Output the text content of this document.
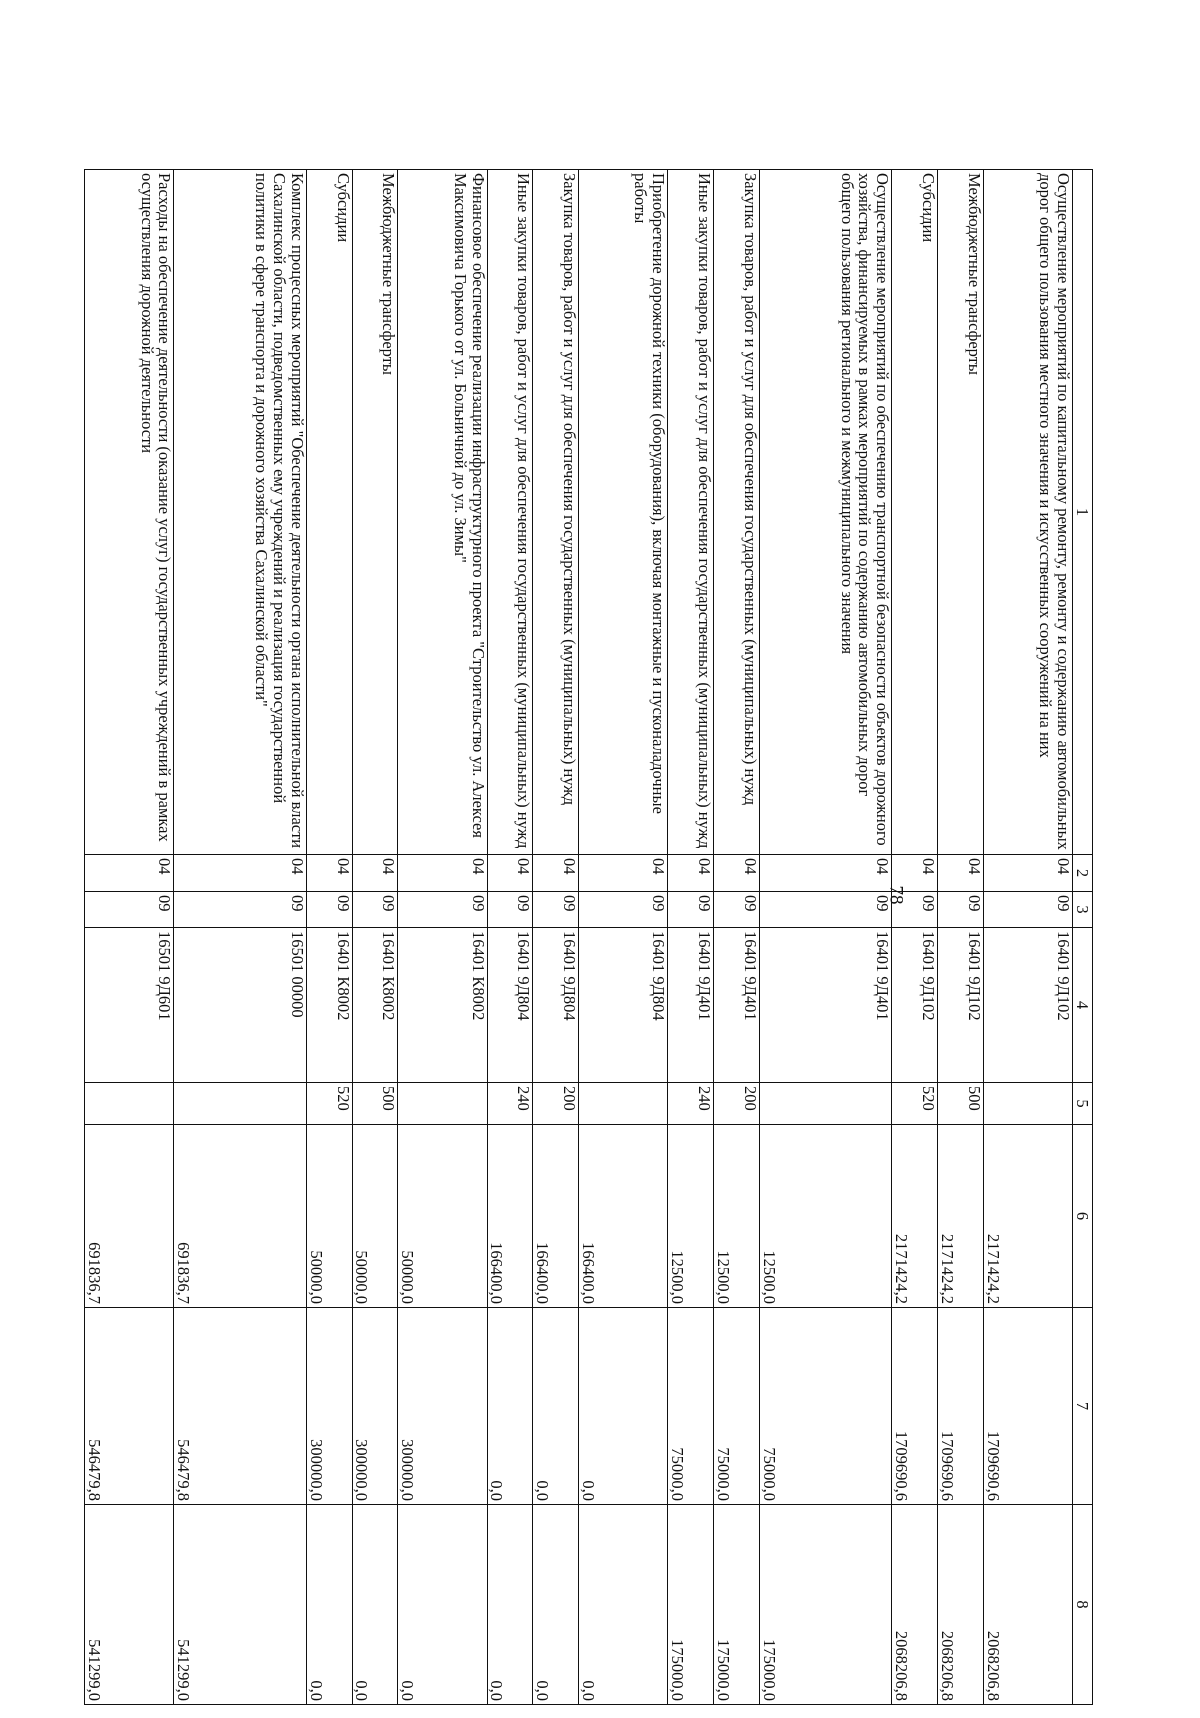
78
1	2	3	4	5	6	7	8
Осуществление мероприятий по капитальному ремонту, ремонту и содержанию автомобильных дорог общего пользования местного значения и искусственных сооружений на них	04	09	16401 9Д102		2171424,2	1709690,6	2068206,8
Межбюджетные трансферты	04	09	16401 9Д102	500	2171424,2	1709690,6	2068206,8
Субсидии	04	09	16401 9Д102	520	2171424,2	1709690,6	2068206,8
Осуществление мероприятий по обеспечению транспортной безопасности объектов дорожного хозяйства, финансируемых в рамках мероприятий по содержанию автомобильных дорог общего пользования регионального и межмуниципального значения	04	09	16401 9Д401		12500,0	75000,0	175000,0
Закупка товаров, работ и услуг для обеспечения государственных (муниципальных) нужд	04	09	16401 9Д401	200	12500,0	75000,0	175000,0
Иные закупки товаров, работ и услуг для обеспечения государственных (муниципальных) нужд	04	09	16401 9Д401	240	12500,0	75000,0	175000,0
Приобретение дорожной техники (оборудования), включая монтажные и пусконаладочные работы	04	09	16401 9Д804		166400,0	0,0	0,0
Закупка товаров, работ и услуг для обеспечения государственных (муниципальных) нужд	04	09	16401 9Д804	200	166400,0	0,0	0,0
Иные закупки товаров, работ и услуг для обеспечения государственных (муниципальных) нужд	04	09	16401 9Д804	240	166400,0	0,0	0,0
Финансовое обеспечение реализации инфраструктурного проекта "Строительство ул. Алексея Максимовича Горького от ул. Больничной до ул. Зимы"	04	09	16401 К8002		50000,0	300000,0	0,0
Межбюджетные трансферты	04	09	16401 К8002	500	50000,0	300000,0	0,0
Субсидии	04	09	16401 К8002	520	50000,0	300000,0	0,0
Комплекс процессных мероприятий "Обеспечение деятельности органа исполнительной власти Сахалинской области, подведомственных ему учреждений и реализация государственной политики в сфере транспорта и дорожного хозяйства Сахалинской области"	04	09	16501 00000		691836,7	546479,8	541299,0
Расходы на обеспечение деятельности (оказание услуг) государственных учреждений в рамках осуществления дорожной деятельности	04	09	16501 9Д601		691836,7	546479,8	541299,0
